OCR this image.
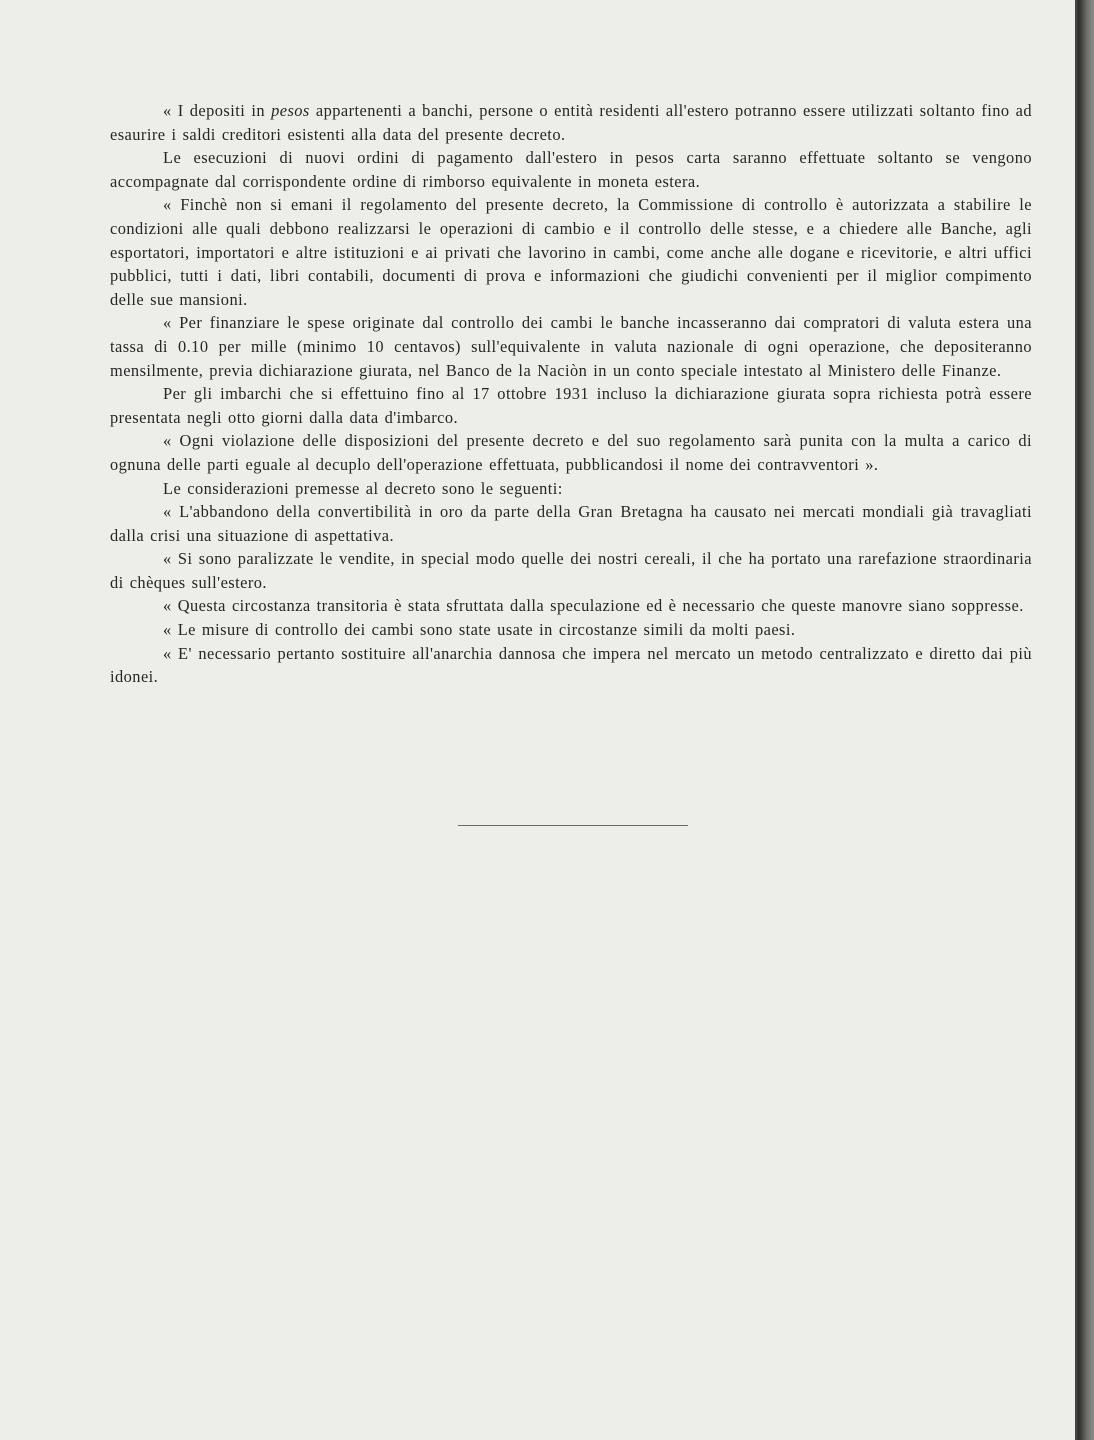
« I depositi in pesos appartenenti a banchi, persone o entità residenti all'estero potranno essere utilizzati soltanto fino ad esaurire i saldi creditori esistenti alla data del presente decreto.

Le esecuzioni di nuovi ordini di pagamento dall'estero in pesos carta saranno effettuate soltanto se vengono accompagnate dal corrispondente ordine di rimborso equivalente in moneta estera.

« Finchè non si emani il regolamento del presente decreto, la Commissione di controllo è autorizzata a stabilire le condizioni alle quali debbono realizzarsi le operazioni di cambio e il controllo delle stesse, e a chiedere alle Banche, agli esportatori, importatori e altre istituzioni e ai privati che lavorino in cambi, come anche alle dogane e ricevitorie, e altri uffici pubblici, tutti i dati, libri contabili, documenti di prova e informazioni che giudichi convenienti per il miglior compimento delle sue mansioni.

« Per finanziare le spese originate dal controllo dei cambi le banche incasseranno dai compratori di valuta estera una tassa di 0.10 per mille (minimo 10 centavos) sull'equivalente in valuta nazionale di ogni operazione, che depositeranno mensilmente, previa dichiarazione giurata, nel Banco de la Naciòn in un conto speciale intestato al Ministero delle Finanze.

Per gli imbarchi che si effettuino fino al 17 ottobre 1931 incluso la dichiarazione giurata sopra richiesta potrà essere presentata negli otto giorni dalla data d'imbarco.

« Ogni violazione delle disposizioni del presente decreto e del suo regolamento sarà punita con la multa a carico di ognuna delle parti eguale al decuplo dell'operazione effettuata, pubblicandosi il nome dei contravventori ».

Le considerazioni premesse al decreto sono le seguenti:

« L'abbandono della convertibilità in oro da parte della Gran Bretagna ha causato nei mercati mondiali già travagliati dalla crisi una situazione di aspettativa.

« Si sono paralizzate le vendite, in special modo quelle dei nostri cereali, il che ha portato una rarefazione straordinaria di chèques sull'estero.

« Questa circostanza transitoria è stata sfruttata dalla speculazione ed è necessario che queste manovre siano soppresse.

« Le misure di controllo dei cambi sono state usate in circostanze simili da molti paesi.

« E' necessario pertanto sostituire all'anarchia dannosa che impera nel mercato un metodo centralizzato e diretto dai più idonei.
